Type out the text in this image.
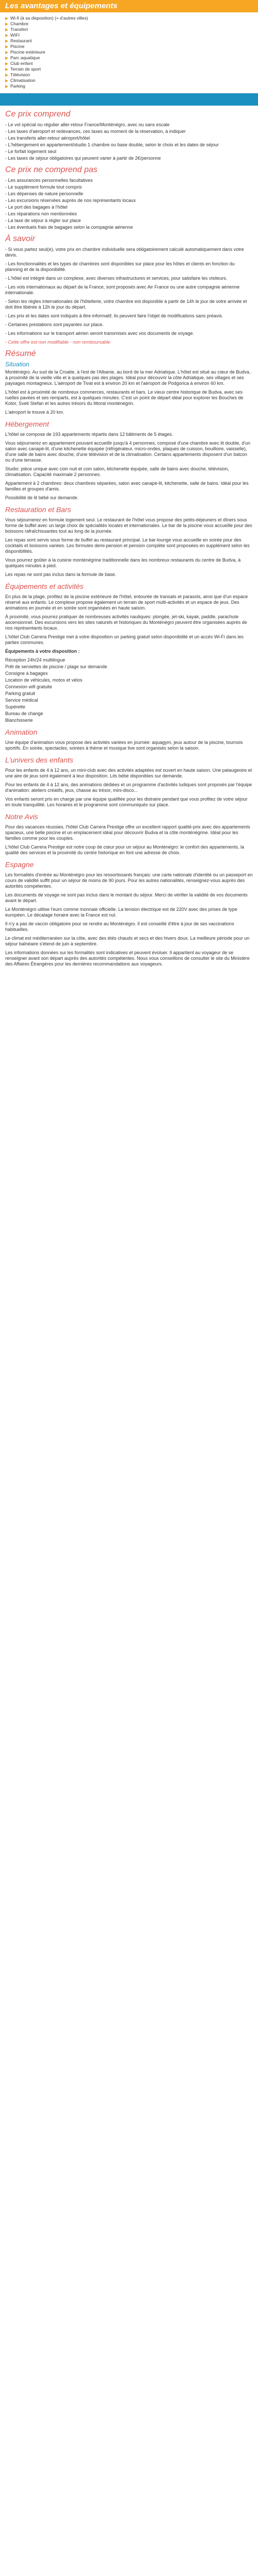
Les avantages et équipements
▶ Wi-fi (à sa disposition) (+ d’autres villes)
▶ Chambre
▶ Transfert
▶ WIFI
▶ Restaurant
▶ Piscine
▶ Piscine extérieure
▶ Parc aquatique
▶ Club enfant
▶ Terrain de sport
▶ Télévision
▶ Climatisation
▶ Parking
Quelques mots sur le voyage
Ce prix comprend
- Le vol spécial ou régulier aller-retour France/Monténégro, avec ou sans escale
- Les taxes d'aéroport et redevances, ces taxes au moment de la réservation, à indiquer
- Les transferts aller-retour aéroport/hôtel
- L'hébergement en appartement/studio 1 chambre ou base double, selon le choix et les dates de séjour
- Le forfait logement seul
- Les taxes de séjour obligatoires qui peuvent varier à partir de 2€/personne
Ce prix ne comprend pas
- Les assurances personnelles facultatives
- Le supplément formule tout compris
- Les dépenses de nature personnelle
- Les excursions réservées auprès de nos représentants locaux
- Le port des bagages à l'hôtel
- Les réparations non mentionnées
- La taxe de séjour à régler sur place
- Les éventuels frais de bagages selon la compagnie aérienne
À savoir

- Si vous partez seul(e), votre prix en chambre individuelle sera obligatoirement calculé automatiquement dans votre devis.

- Les fonctionnalités et les types de chambres sont disponibles sur place pour les hôtes et clients en fonction du planning et de la disponibilité.

- L'hôtel est intégré dans un complexe, avec diverses infrastructures et services, pour satisfaire les visiteurs.

- Les vols internationaux au départ de la France, sont proposés avec Air France ou une autre compagnie aérienne internationale.

- Selon les règles internationales de l'hôtellerie, votre chambre est disponible à partir de 14h le jour de votre arrivée et doit être libérée à 12h le jour du départ.

- Les prix et les dates sont indiqués à titre informatif, ils peuvent faire l'objet de modifications sans préavis.

- Certaines prestations sont payantes sur place.

- Les informations sur le transport aérien seront transmises avec vos documents de voyage.

- Cette offre est non modifiable - non remboursable

Résumé
Situation

Monténégro. Au sud de la Croatie, à l'est de l'Albanie, au bord de la mer Adriatique. L'hôtel est situé au cœur de Budva, à proximité de la vieille ville et à quelques pas des plages. Idéal pour découvrir la côte Adriatique, ses villages et ses paysages montagneux. L'aéroport de Tivat est à environ 20 km et l'aéroport de Podgorica à environ 60 km.

L'hôtel est à proximité de nombreux commerces, restaurants et bars. Le vieux centre historique de Budva, avec ses ruelles pavées et ses remparts, est à quelques minutes. C'est un point de départ idéal pour explorer les Bouches de Kotor, Sveti Stefan et les autres trésors du littoral monténégrin.

L'aéroport le trouve à 20 km.

Hébergement

L'hôtel se compose de 193 appartements répartis dans 12 bâtiments de 5 étages.

Vous séjournerez en appartement pouvant accueillir jusqu'à 4 personnes, composé d'une chambre avec lit double, d'un salon avec canapé-lit, d'une kitchenette équipée (réfrigérateur, micro-ondes, plaques de cuisson, bouilloire, vaisselle), d'une salle de bains avec douche, d'une télévision et de la climatisation. Certains appartements disposent d'un balcon ou d'une terrasse.

Studio: pièce unique avec coin nuit et coin salon, kitchenette équipée, salle de bains avec douche, télévision, climatisation. Capacité maximale 2 personnes.

Appartement à 2 chambres: deux chambres séparées, salon avec canapé-lit, kitchenette, salle de bains. Idéal pour les familles et groupes d'amis.

Possibilité de lit bébé sur demande.

Restauration et Bars

Vous séjournerez en formule logement seul. Le restaurant de l'hôtel vous propose des petits-déjeuners et dîners sous forme de buffet avec un large choix de spécialités locales et internationales. Le bar de la piscine vous accueille pour des boissons rafraîchissantes tout au long de la journée.

Les repas sont servis sous forme de buffet au restaurant principal. Le bar-lounge vous accueille en soirée pour des cocktails et boissons variées. Les formules demi-pension et pension complète sont proposées en supplément selon les disponibilités.

Vous pourrez goûter à la cuisine monténégrine traditionnelle dans les nombreux restaurants du centre de Budva, à quelques minutes à pied.

Les repas ne sont pas inclus dans la formule de base.

Équipements et activités

En plus de la plage, profitez de la piscine extérieure de l'hôtel, entourée de transats et parasols, ainsi que d'un espace réservé aux enfants. Le complexe propose également un terrain de sport multi-activités et un espace de jeux. Des animations en journée et en soirée sont organisées en haute saison.

À proximité, vous pourrez pratiquer de nombreuses activités nautiques: plongée, jet-ski, kayak, paddle, parachute ascensionnel. Des excursions vers les sites naturels et historiques du Monténégro peuvent être organisées auprès de nos représentants locaux.

L'hôtel Club Carrera Prestige met à votre disposition un parking gratuit selon disponibilité et un accès Wi-Fi dans les parties communes.

Équipements à votre disposition :

Réception 24h/24 multilingue
Prêt de serviettes de piscine / plage sur demande
Consigne à bagages
Location de véhicules, motos et vélos
Connexion wifi gratuite
Parking gratuit
Service médical
Supérette
Bureau de change
Blanchisserie
Animation

Une équipe d'animation vous propose des activités variées en journée: aquagym, jeux autour de la piscine, tournois sportifs. En soirée, spectacles, soirées à thème et musique live sont organisés selon la saison.

L'univers des enfants

Pour les enfants de 4 à 12 ans, un mini-club avec des activités adaptées est ouvert en haute saison. Une pataugeoire et une aire de jeux sont également à leur disposition. Lits bébé disponibles sur demande.

Pour les enfants de 4 à 12 ans, des animations dédiées et un programme d'activités ludiques sont proposés par l'équipe d'animation: ateliers créatifs, jeux, chasse au trésor, mini-disco...

Vos enfants seront pris en charge par une équipe qualifiée pour les distraire pendant que vous profitez de votre séjour en toute tranquillité. Les horaires et le programme sont communiqués sur place.

Notre Avis

Pour des vacances réussies, l'hôtel Club Carrera Prestige offre un excellent rapport qualité-prix avec des appartements spacieux, une belle piscine et un emplacement idéal pour découvrir Budva et la côte monténégrine. Idéal pour les familles comme pour les couples.

L'hôtel Club Carrera Prestige est notre coup de cœur pour un séjour au Monténégro: le confort des appartements, la qualité des services et la proximité du centre historique en font une adresse de choix.

Espagne

Les formalités d'entrée au Monténégro pour les ressortissants français: une carte nationale d'identité ou un passeport en cours de validité suffit pour un séjour de moins de 90 jours. Pour les autres nationalités, renseignez-vous auprès des autorités compétentes.

Les documents de voyage ne sont pas inclus dans le montant du séjour. Merci de vérifier la validité de vos documents avant le départ.

Le Monténégro utilise l'euro comme monnaie officielle. La tension électrique est de 220V avec des prises de type européen. Le décalage horaire avec la France est nul.

Il n'y a pas de vaccin obligatoire pour se rendre au Monténégro. Il est conseillé d'être à jour de ses vaccinations habituelles.

Le climat est méditerranéen sur la côte, avec des étés chauds et secs et des hivers doux. La meilleure période pour un séjour balnéaire s'étend de juin à septembre.

Les informations données sur les formalités sont indicatives et peuvent évoluer. Il appartient au voyageur de se renseigner avant son départ auprès des autorités compétentes. Nous vous conseillons de consulter le site du Ministère des Affaires Étrangères pour les dernières recommandations aux voyageurs.
